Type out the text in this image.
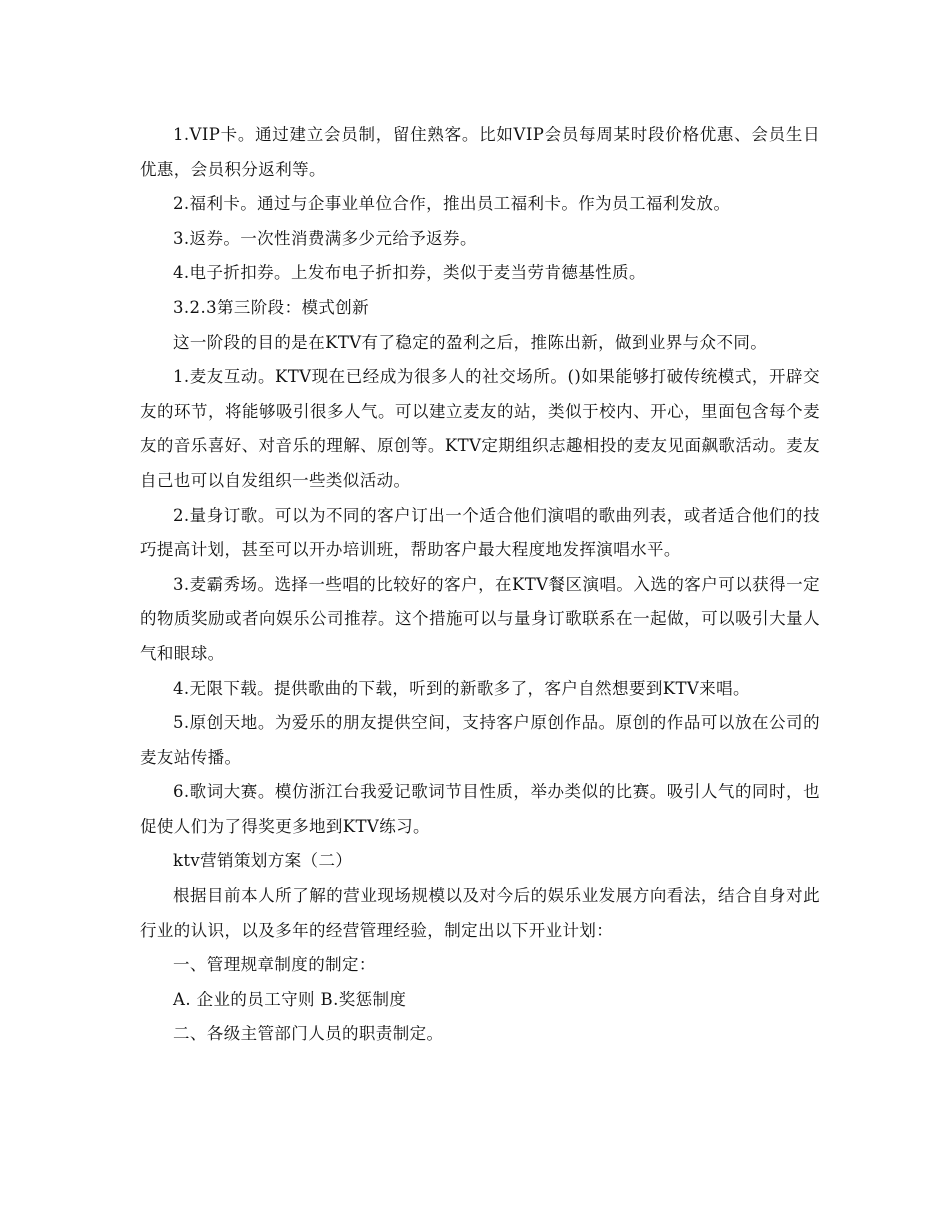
1.VIP卡。通过建立会员制，留住熟客。比如VIP会员每周某时段价格优惠、会员生日优惠，会员积分返利等。

2.福利卡。通过与企事业单位合作，推出员工福利卡。作为员工福利发放。

3.返券。一次性消费满多少元给予返券。

4.电子折扣券。上发布电子折扣券，类似于麦当劳肯德基性质。

3.2.3第三阶段：模式创新

这一阶段的目的是在KTV有了稳定的盈利之后，推陈出新，做到业界与众不同。

1.麦友互动。KTV现在已经成为很多人的社交场所。()如果能够打破传统模式，开辟交友的环节，将能够吸引很多人气。可以建立麦友的站，类似于校内、开心，里面包含每个麦友的音乐喜好、对音乐的理解、原创等。KTV定期组织志趣相投的麦友见面飙歌活动。麦友自己也可以自发组织一些类似活动。

2.量身订歌。可以为不同的客户订出一个适合他们演唱的歌曲列表，或者适合他们的技巧提高计划，甚至可以开办培训班，帮助客户最大程度地发挥演唱水平。

3.麦霸秀场。选择一些唱的比较好的客户，在KTV餐区演唱。入选的客户可以获得一定的物质奖励或者向娱乐公司推荐。这个措施可以与量身订歌联系在一起做，可以吸引大量人气和眼球。

4.无限下载。提供歌曲的下载，听到的新歌多了，客户自然想要到KTV来唱。

5.原创天地。为爱乐的朋友提供空间，支持客户原创作品。原创的作品可以放在公司的麦友站传播。

6.歌词大赛。模仿浙江台我爱记歌词节目性质，举办类似的比赛。吸引人气的同时，也促使人们为了得奖更多地到KTV练习。

ktv营销策划方案（二）

根据目前本人所了解的营业现场规模以及对今后的娱乐业发展方向看法，结合自身对此行业的认识，以及多年的经营管理经验，制定出以下开业计划：

一、管理规章制度的制定：

A. 企业的员工守则 B.奖惩制度

二、各级主管部门人员的职责制定。
